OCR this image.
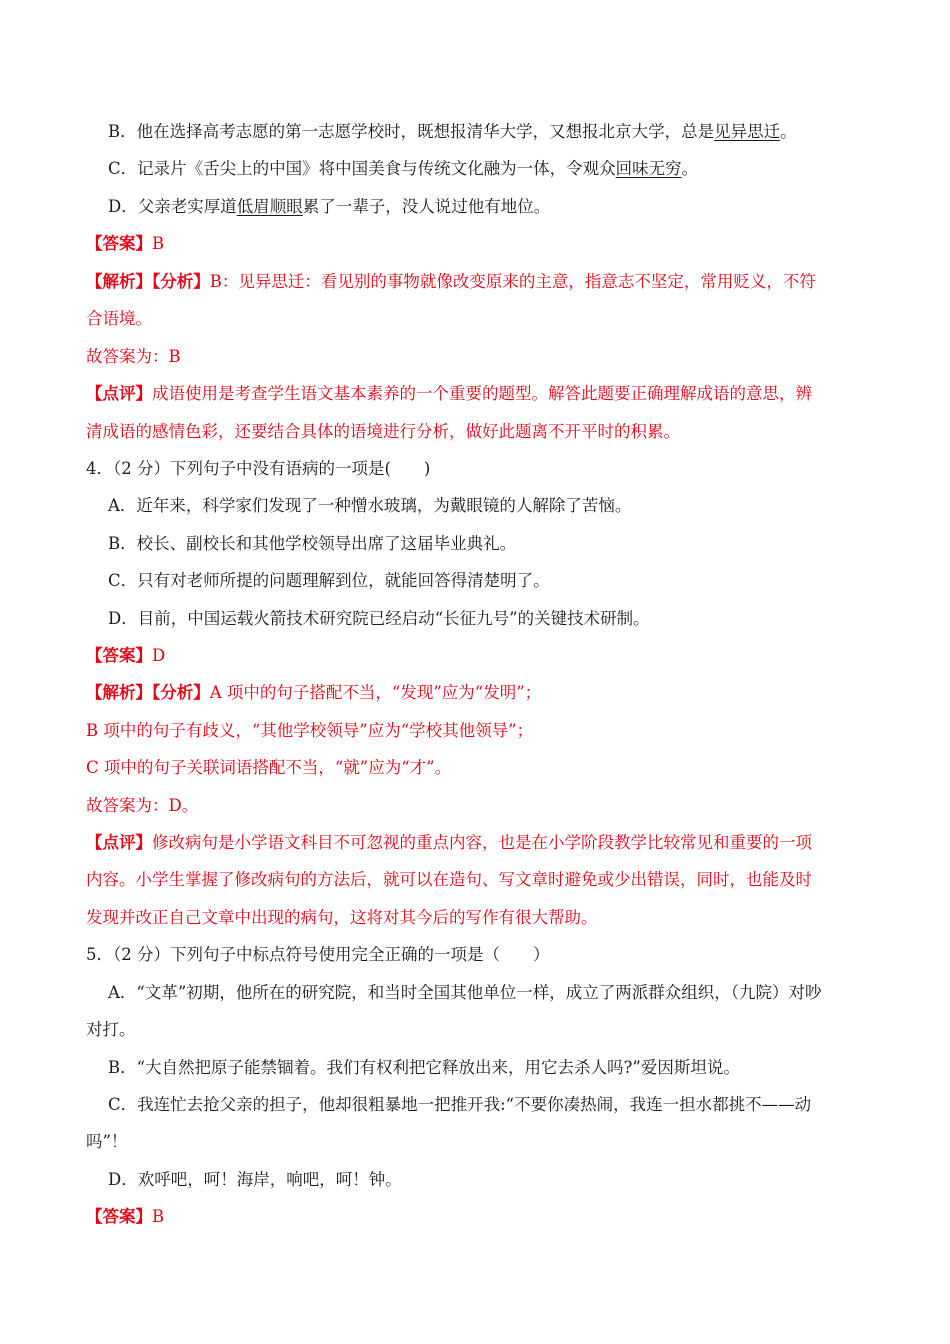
B．他在选择高考志愿的第一志愿学校时，既想报清华大学，又想报北京大学，总是见异思迁。
C．记录片《舌尖上的中国》将中国美食与传统文化融为一体，令观众回味无穷。
D．父亲老实厚道低眉顺眼累了一辈子，没人说过他有地位。
【答案】B
【解析】【分析】B：见异思迁：看见别的事物就像改变原来的主意，指意志不坚定，常用贬义，不符
合语境。
故答案为：B
【点评】成语使用是考查学生语文基本素养的一个重要的题型。解答此题要正确理解成语的意思，辨
清成语的感情色彩，还要结合具体的语境进行分析，做好此题离不开平时的积累。
4．（2 分）下列句子中没有语病的一项是(　　)
A．近年来，科学家们发现了一种憎水玻璃，为戴眼镜的人解除了苦恼。
B．校长、副校长和其他学校领导出席了这届毕业典礼。
C．只有对老师所提的问题理解到位，就能回答得清楚明了。
D．目前，中国运载火箭技术研究院已经启动“长征九号”的关键技术研制。
【答案】D
【解析】【分析】A 项中的句子搭配不当，“发现”应为“发明”；
B 项中的句子有歧义，“其他学校领导”应为“学校其他领导”；
C 项中的句子关联词语搭配不当，“就”应为“才”。
故答案为：D。
【点评】修改病句是小学语文科目不可忽视的重点内容，也是在小学阶段教学比较常见和重要的一项
内容。小学生掌握了修改病句的方法后，就可以在造句、写文章时避免或少出错误，同时，也能及时
发现并改正自己文章中出现的病句，这将对其今后的写作有很大帮助。
5．（2 分）下列句子中标点符号使用完全正确的一项是（　　）
A．“文革”初期，他所在的研究院，和当时全国其他单位一样，成立了两派群众组织，（九院）对吵
对打。
B．“大自然把原子能禁锢着。我们有权利把它释放出来，用它去杀人吗?”爱因斯坦说。
C．我连忙去抢父亲的担子，他却很粗暴地一把推开我:“不要你凑热闹，我连一担水都挑不——动
吗”！
D．欢呼吧，呵！海岸，响吧，呵！钟。
【答案】B
